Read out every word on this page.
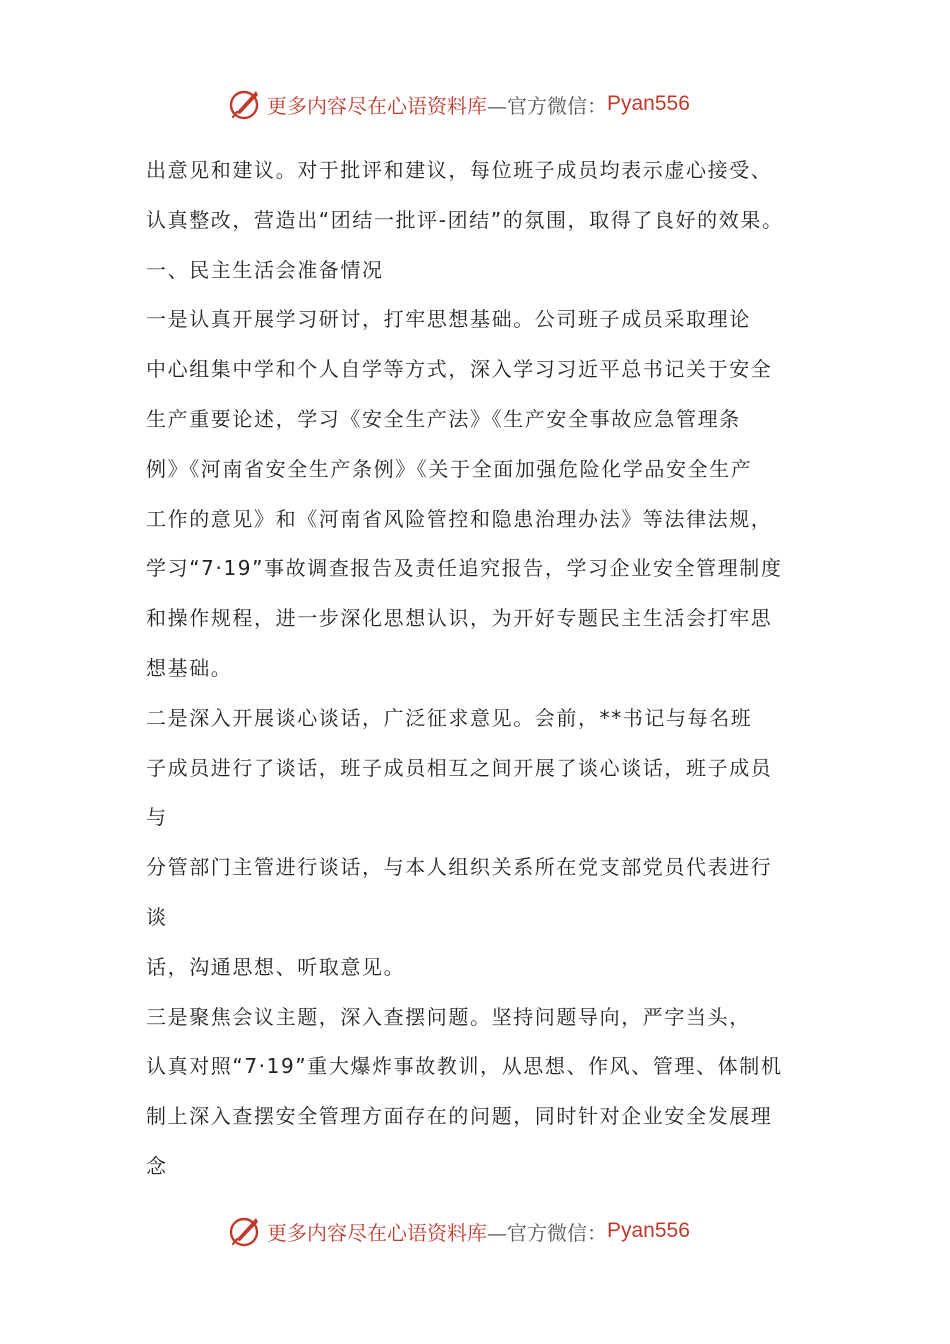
更多内容尽在心语资料库 —官方微信： Pyan556
出意见和建议。对于批评和建议，每位班子成员均表示虚心接受、
认真整改，营造出“团结一批评-团结”的氛围，取得了良好的效果。
一、民主生活会准备情况
一是认真开展学习研讨，打牢思想基础。公司班子成员采取理论
中心组集中学和个人自学等方式，深入学习习近平总书记关于安全
生产重要论述，学习《安全生产法》《生产安全事故应急管理条
例》《河南省安全生产条例》《关于全面加强危险化学品安全生产
工作的意见》和《河南省风险管控和隐患治理办法》等法律法规，
学习“7·19”事故调查报告及责任追究报告，学习企业安全管理制度
和操作规程，进一步深化思想认识，为开好专题民主生活会打牢思
想基础。
二是深入开展谈心谈话，广泛征求意见。会前，**书记与每名班
子成员进行了谈话，班子成员相互之间开展了谈心谈话，班子成员
与
分管部门主管进行谈话，与本人组织关系所在党支部党员代表进行
谈
话，沟通思想、听取意见。
三是聚焦会议主题，深入查摆问题。坚持问题导向，严字当头，
认真对照“7·19”重大爆炸事故教训，从思想、作风、管理、体制机
制上深入查摆安全管理方面存在的问题，同时针对企业安全发展理
念
更多内容尽在心语资料库 —官方微信： Pyan556
